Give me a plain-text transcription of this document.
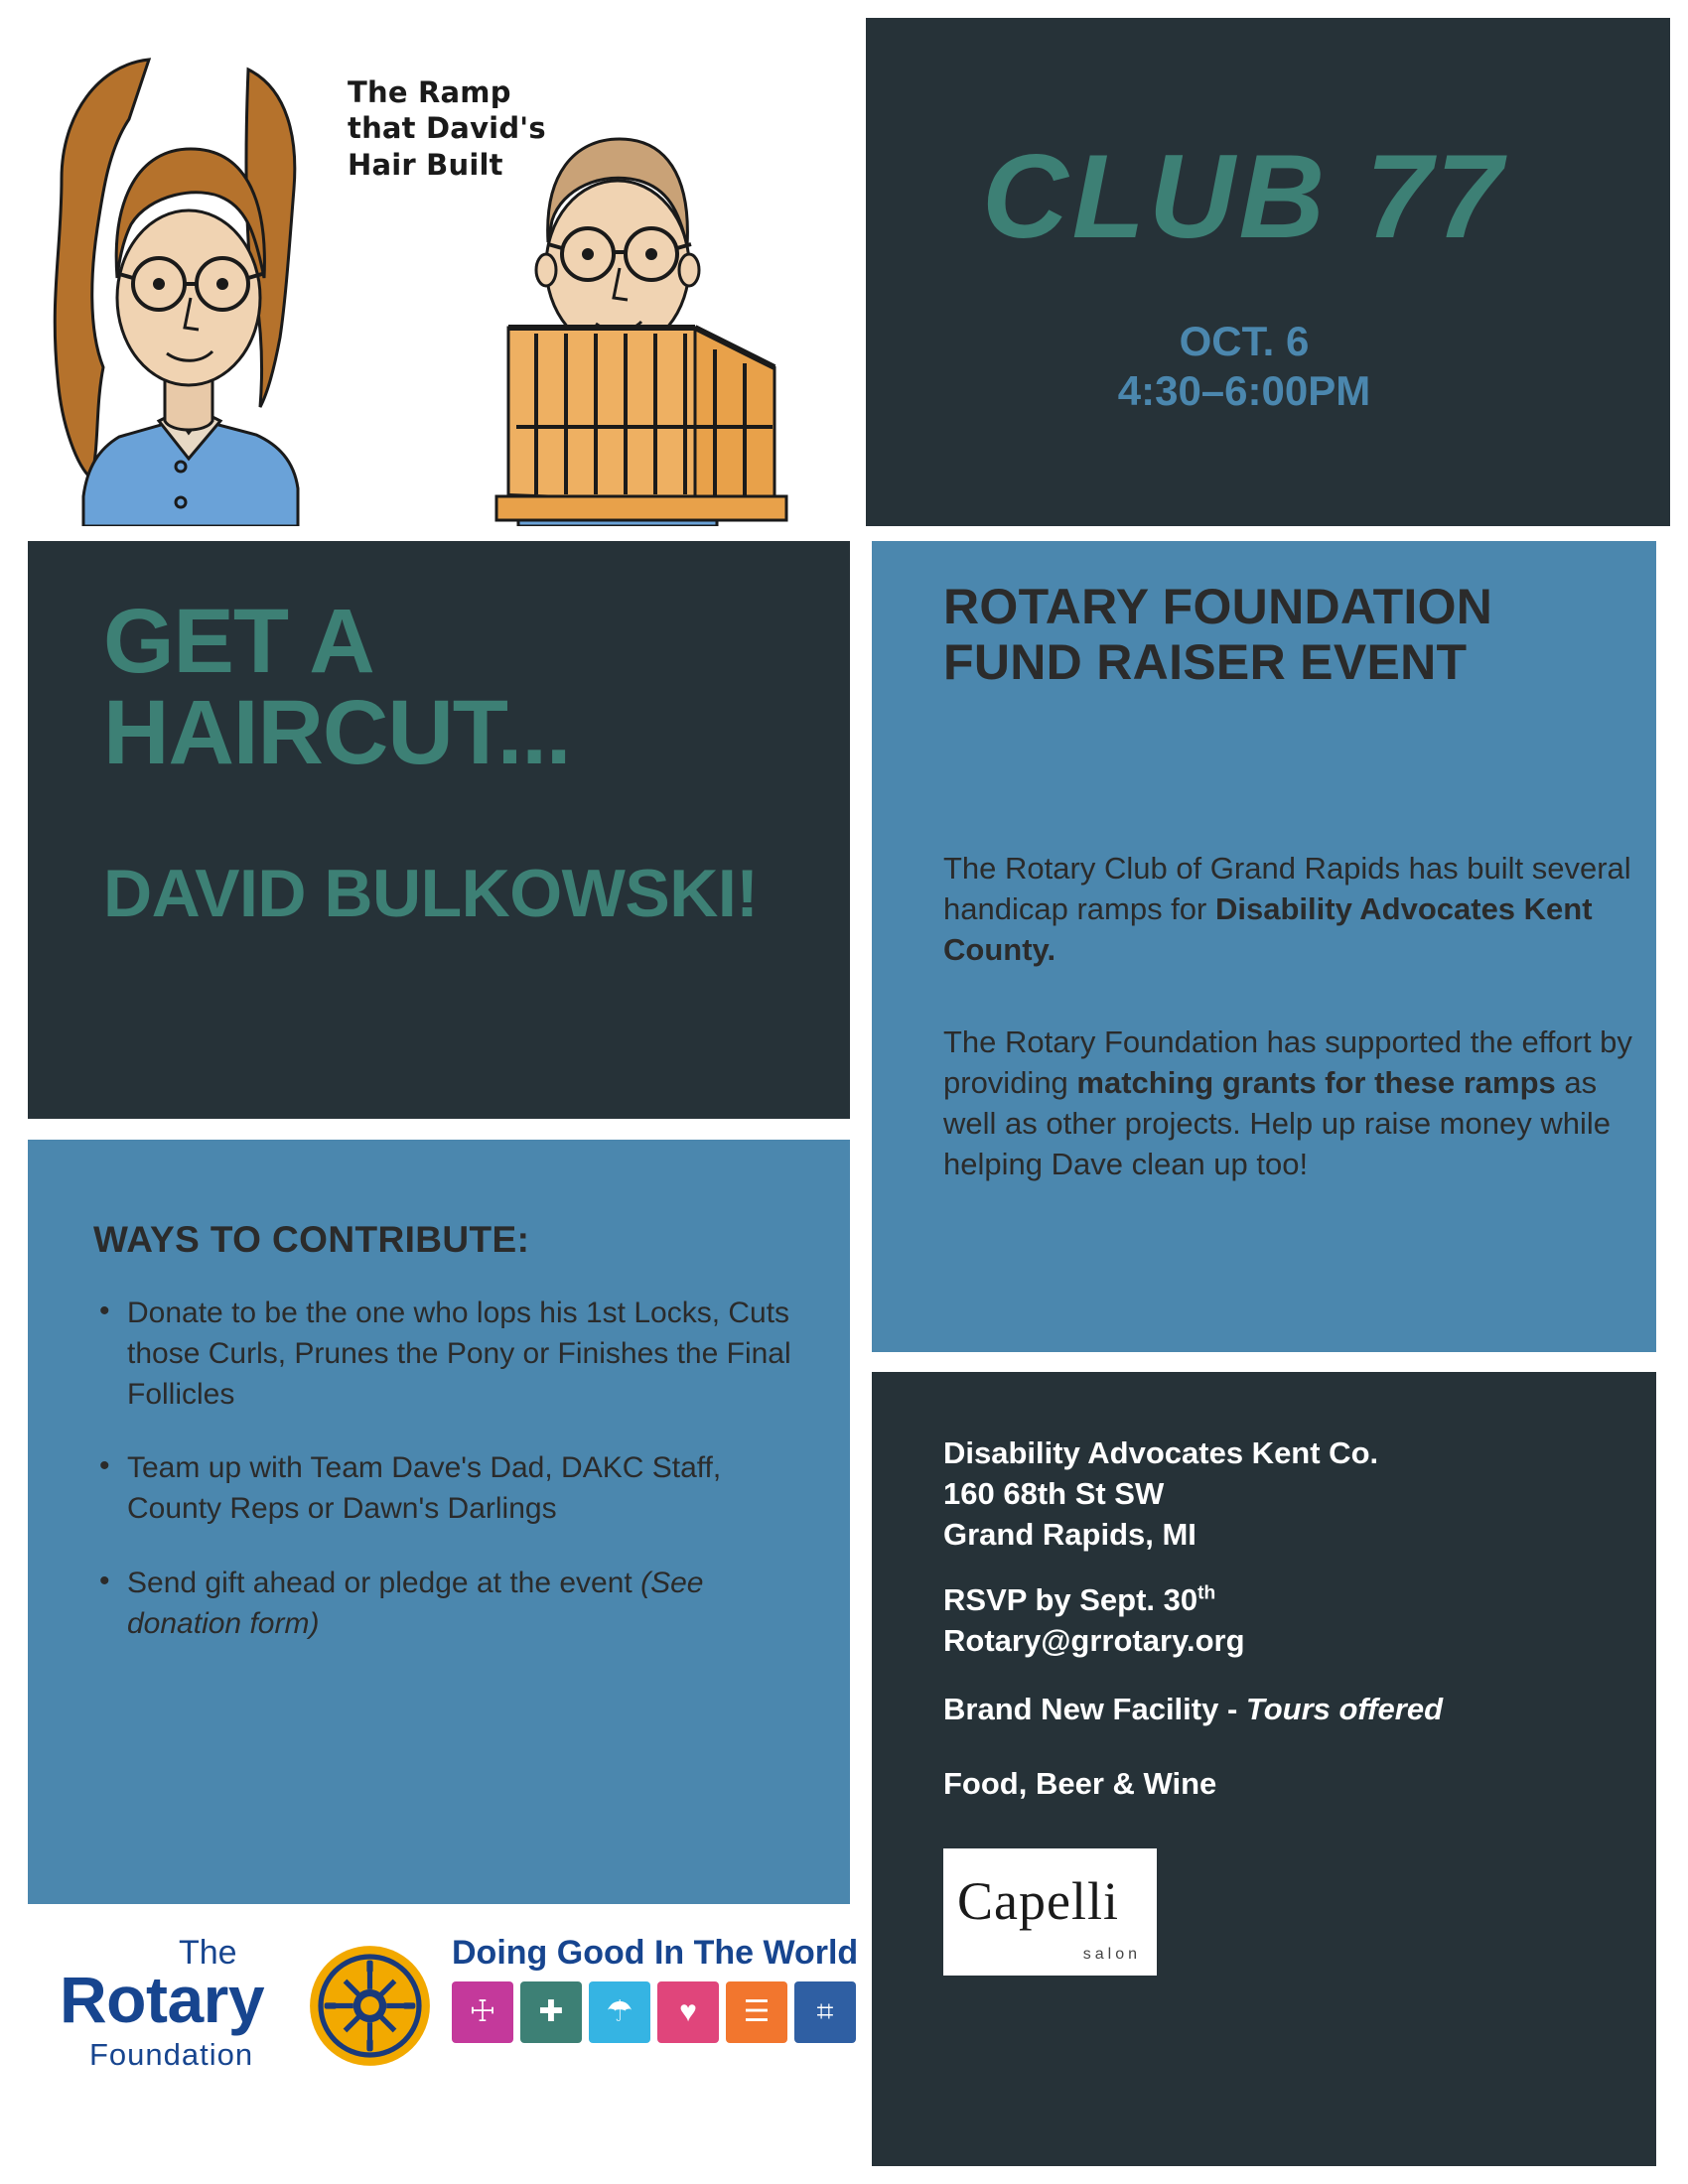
The Ramp that David's Hair Built	CLUB 77
OCT. 6
4:30–6:00PM
GET A HAIRCUT...
DAVID BULKOWSKI!
WAYS TO CONTRIBUTE:
• Donate to be the one who lops his 1st Locks, Cuts those Curls, Prunes the Pony or Finishes the Final Follicles
• Team up with Team Dave's Dad, DAKC Staff, County Reps or Dawn's Darlings
• Send gift ahead or pledge at the event (See donation form)
ROTARY FOUNDATION FUND RAISER EVENT
The Rotary Club of Grand Rapids has built several handicap ramps for Disability Advocates Kent County.
The Rotary Foundation has supported the effort by providing matching grants for these ramps as well as other projects. Help up raise money while helping Dave clean up too!
Disability Advocates Kent Co.
160 68th St SW
Grand Rapids, MI
RSVP by Sept. 30th
Rotary@grrotary.org
Brand New Facility - Tours offered
Food, Beer & Wine
Capelli
salon
The
Rotary
Foundation
Doing Good In The World
☩	✚	☂	♥	☰	⌗
